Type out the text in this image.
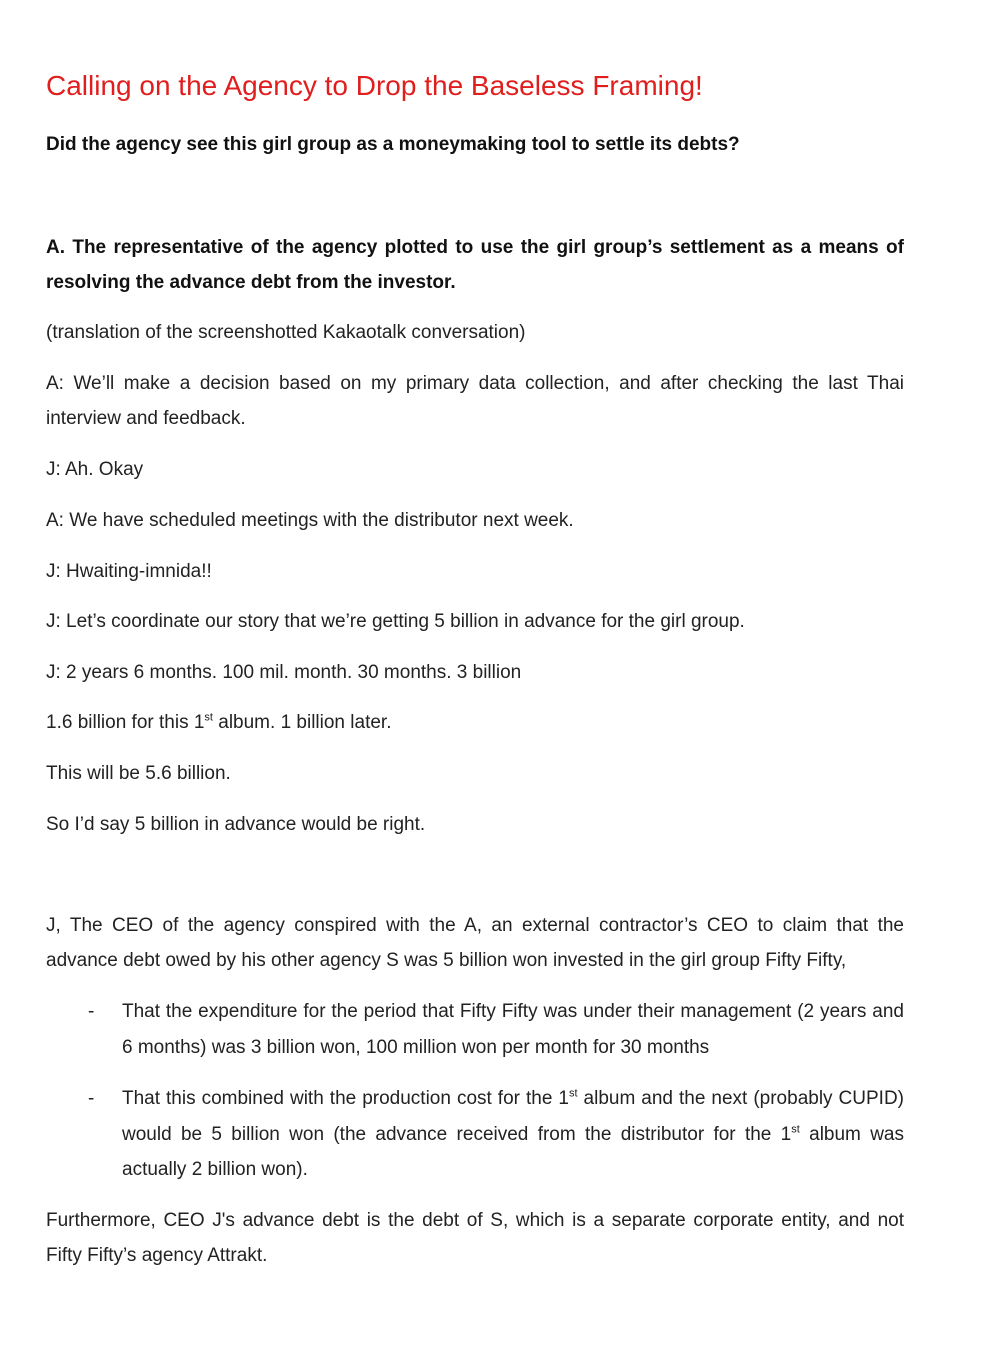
Calling on the Agency to Drop the Baseless Framing!

Did the agency see this girl group as a moneymaking tool to settle its debts?

A. The representative of the agency plotted to use the girl group’s settlement as a means of resolving the advance debt from the investor.

(translation of the screenshotted Kakaotalk conversation)

A: We’ll make a decision based on my primary data collection, and after checking the last Thai interview and feedback.

J: Ah. Okay

A: We have scheduled meetings with the distributor next week.

J: Hwaiting-imnida!!

J: Let’s coordinate our story that we’re getting 5 billion in advance for the girl group.

J: 2 years 6 months. 100 mil. month. 30 months. 3 billion

1.6 billion for this 1st album. 1 billion later.

This will be 5.6 billion.

So I’d say 5 billion in advance would be right.

J, The CEO of the agency conspired with the A, an external contractor’s CEO to claim that the advance debt owed by his other agency S was 5 billion won invested in the girl group Fifty Fifty,

- That the expenditure for the period that Fifty Fifty was under their management (2 years and 6 months) was 3 billion won, 100 million won per month for 30 months

- That this combined with the production cost for the 1st album and the next (probably CUPID) would be 5 billion won (the advance received from the distributor for the 1st album was actually 2 billion won).

Furthermore, CEO J's advance debt is the debt of S, which is a separate corporate entity, and not Fifty Fifty’s agency Attrakt.
